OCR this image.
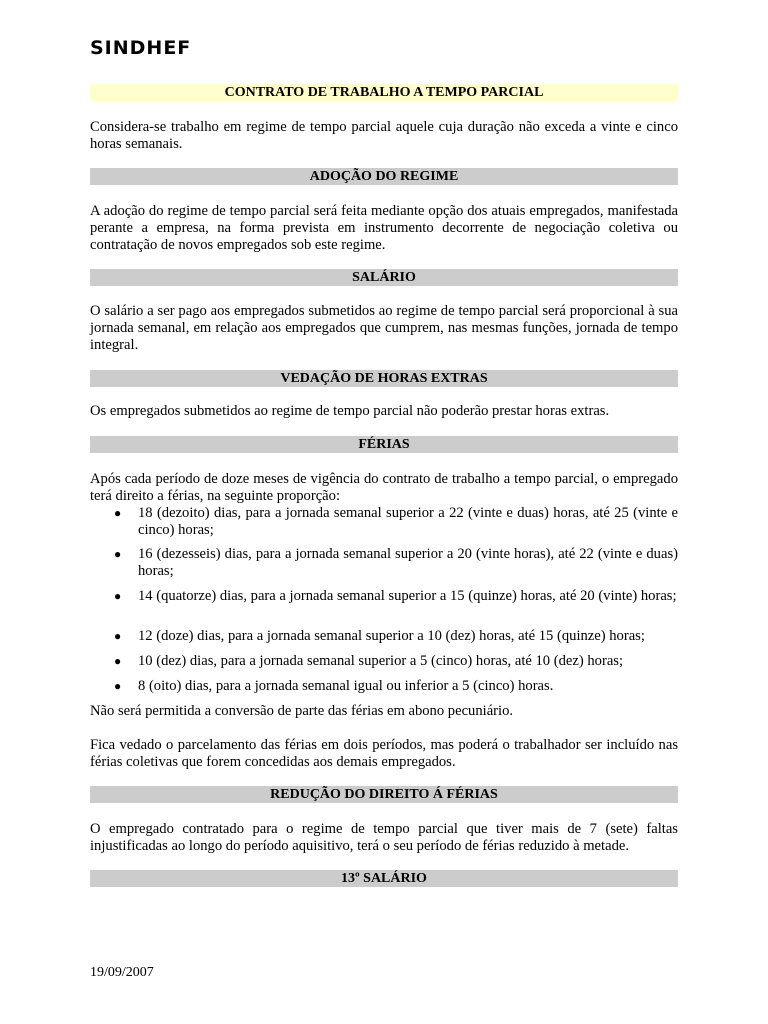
SINDHEF
CONTRATO DE TRABALHO A TEMPO PARCIAL

Considera-se trabalho em regime de tempo parcial aquele cuja duração não exceda a vinte e cinco horas semanais.

ADOÇÃO DO REGIME

A adoção do regime de tempo parcial será feita mediante opção dos atuais empregados, manifestada perante a empresa, na forma prevista em instrumento decorrente de negociação coletiva ou contratação de novos empregados sob este regime.

SALÁRIO

O salário a ser pago aos empregados submetidos ao regime de tempo parcial será proporcional à sua jornada semanal, em relação aos empregados que cumprem, nas mesmas funções, jornada de tempo integral.

VEDAÇÃO DE HORAS EXTRAS

Os empregados submetidos ao regime de tempo parcial não poderão prestar horas extras.

FÉRIAS

Após cada período de doze meses de vigência do contrato de trabalho a tempo parcial, o empregado terá direito a férias, na seguinte proporção:

● 18 (dezoito) dias, para a jornada semanal superior a 22 (vinte e duas) horas, até 25 (vinte e cinco) horas;
● 16 (dezesseis) dias, para a jornada semanal superior a 20 (vinte horas), até 22 (vinte e duas) horas;
● 14 (quatorze) dias, para a jornada semanal superior a 15 (quinze) horas, até 20 (vinte) horas;
● 12 (doze) dias, para a jornada semanal superior a 10 (dez) horas, até 15 (quinze) horas;
● 10 (dez) dias, para a jornada semanal superior a 5 (cinco) horas, até 10 (dez) horas;
● 8 (oito) dias, para a jornada semanal igual ou inferior a 5 (cinco) horas.

Não será permitida a conversão de parte das férias em abono pecuniário.

Fica vedado o parcelamento das férias em dois períodos, mas poderá o trabalhador ser incluído nas férias coletivas que forem concedidas aos demais empregados.

REDUÇÃO DO DIREITO Á FÉRIAS

O empregado contratado para o regime de tempo parcial que tiver mais de 7 (sete) faltas injustificadas ao longo do período aquisitivo, terá o seu período de férias reduzido à metade.

13º SALÁRIO
19/09/2007
